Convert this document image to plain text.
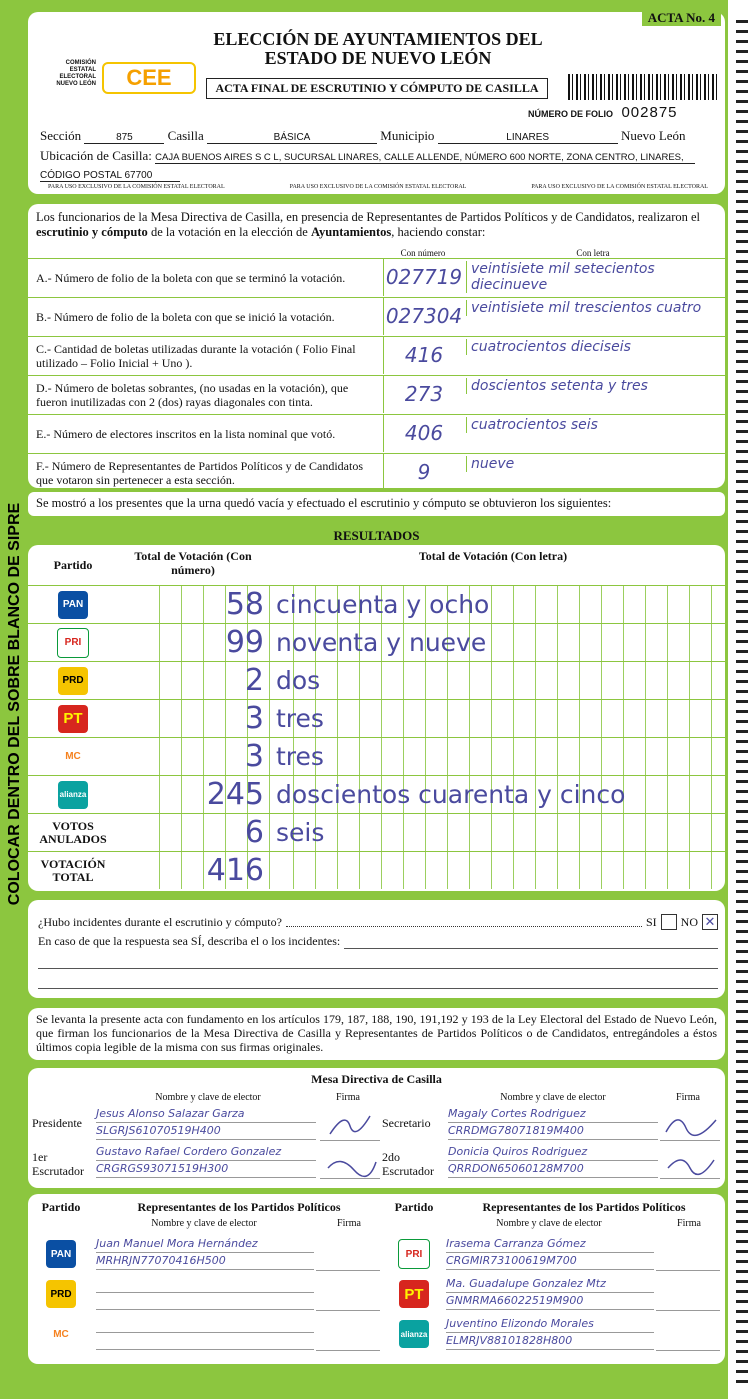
COLOCAR DENTRO DEL SOBRE BLANCO DE SIPRE
ACTA No. 4
COMISIÓN ESTATAL ELECTORAL NUEVO LEÓN	CEE
ELECCIÓN DE AYUNTAMIENTOS DEL
ESTADO DE NUEVO LEÓN
ACTA FINAL DE ESCRUTINIO Y CÓMPUTO DE CASILLA
NÚMERO DE FOLIO 002875
Sección	875	Casilla	BÁSICA	Municipio	LINARES	Nuevo León
Ubicación de Casilla: CAJA BUENOS AIRES S C L, SUCURSAL LINARES, CALLE ALLENDE, NÚMERO 600 NORTE, ZONA CENTRO, LINARES,
CÓDIGO POSTAL 67700
PARA USO EXCLUSIVO DE LA COMISIÓN ESTATAL ELECTORAL	PARA USO EXCLUSIVO DE LA COMISIÓN ESTATAL ELECTORAL	PARA USO EXCLUSIVO DE LA COMISIÓN ESTATAL ELECTORAL
Los funcionarios de la Mesa Directiva de Casilla, en presencia de Representantes de Partidos Políticos y de Candidatos, realizaron el escrutinio y cómputo de la votación en la elección de Ayuntamientos, haciendo constar:
Con número	Con letra
A.- Número de folio de la boleta con que se terminó la votación.	027719 veintisiete mil setecientos diecinueve
B.- Número de folio de la boleta con que se inició la votación.	027304 veintisiete mil trescientos cuatro
C.- Cantidad de boletas utilizadas durante la votación ( Folio Final utilizado – Folio Inicial + Uno ).	416	cuatrocientos dieciseis
D.- Número de boletas sobrantes, (no usadas en la votación), que fueron inutilizadas con 2 (dos) rayas diagonales con tinta.	273	doscientos setenta y tres
E.- Número de electores inscritos en la lista nominal que votó.	406	cuatrocientos seis
F.- Número de Representantes de Partidos Políticos y de Candidatos que votaron sin pertenecer a esta sección.	9	nueve
Se mostró a los presentes que la urna quedó vacía y efectuado el escrutinio y cómputo se obtuvieron los siguientes:
RESULTADOS
Partido
Total de Votación (Con número)
Total de Votación (Con letra)
PAN	58 cincuenta y ocho
PRI	99 noventa y nueve
PRD	2 dos
PT	3 tres
MC	3 tres
alianza	245 doscientos cuarenta y cinco
VOTOS ANULADOS	6 seis
VOTACIÓN TOTAL	416
¿Hubo incidentes durante el escrutinio y cómputo?	SI NO ✕
En caso de que la respuesta sea SÍ, describa el o los incidentes:
Se levanta la presente acta con fundamento en los artículos 179, 187, 188, 190, 191,192 y 193 de la Ley Electoral del Estado de Nuevo León, que firman los funcionarios de la Mesa Directiva de Casilla y Representantes de Partidos Políticos o de Candidatos, entregándoles a éstos últimos copia legible de la misma con sus firmas originales.
Mesa Directiva de Casilla
Nombre y clave de elector	Firma	Nombre y clave de elector	Firma
Presidente
Jesus Alonso Salazar Garza
SLGRJS61070519H400
Secretario
Magaly Cortes Rodriguez
CRRDMG78071819M400
1er Escrutador
Gustavo Rafael Cordero Gonzalez
CRGRGS93071519H300
2do Escrutador
Donicia Quiros Rodriguez
QRRDON65060128M700
Partido	Representantes de los Partidos Políticos	Partido	Representantes de los Partidos Políticos
Nombre y clave de elector	Firma	Nombre y clave de elector	Firma
PAN
Juan Manuel Mora Hernández
MRHRJN77070416H500
PRD
MC
PRI
Irasema Carranza Gómez
CRGMIR73100619M700
PT
Ma. Guadalupe Gonzalez Mtz
GNMRMA66022519M900
alianza
Juventino Elizondo Morales
ELMRJV88101828H800
